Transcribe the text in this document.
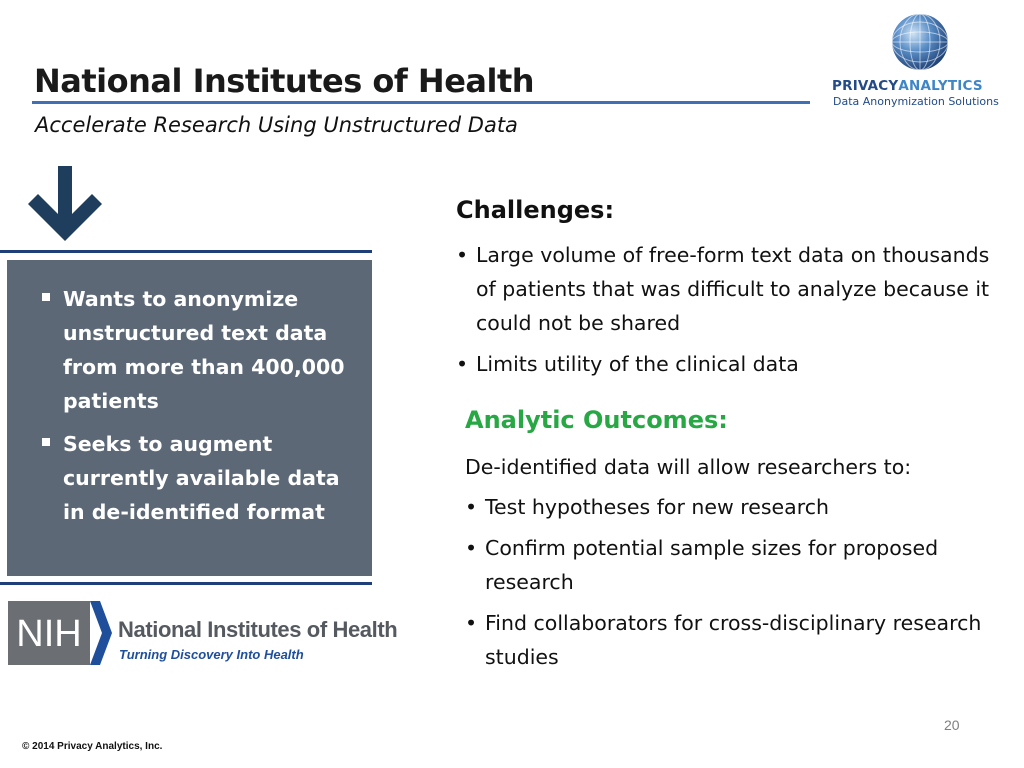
National Institutes of Health
Accelerate Research Using Unstructured Data
PRIVACYANALYTICS
Data Anonymization Solutions
Wants to anonymize unstructured text data from more than 400,000 patients
Seeks to augment currently available data in de-identified format
NIH National Institutes of Health
Turning Discovery Into Health
Challenges:
• Large volume of free-form text data on thousands of patients that was difficult to analyze because it could not be shared
• Limits utility of the clinical data
Analytic Outcomes:

De-identified data will allow researchers to:

• Test hypotheses for new research
• Confirm potential sample sizes for proposed research
• Find collaborators for cross-disciplinary research studies
20
© 2014 Privacy Analytics, Inc.
